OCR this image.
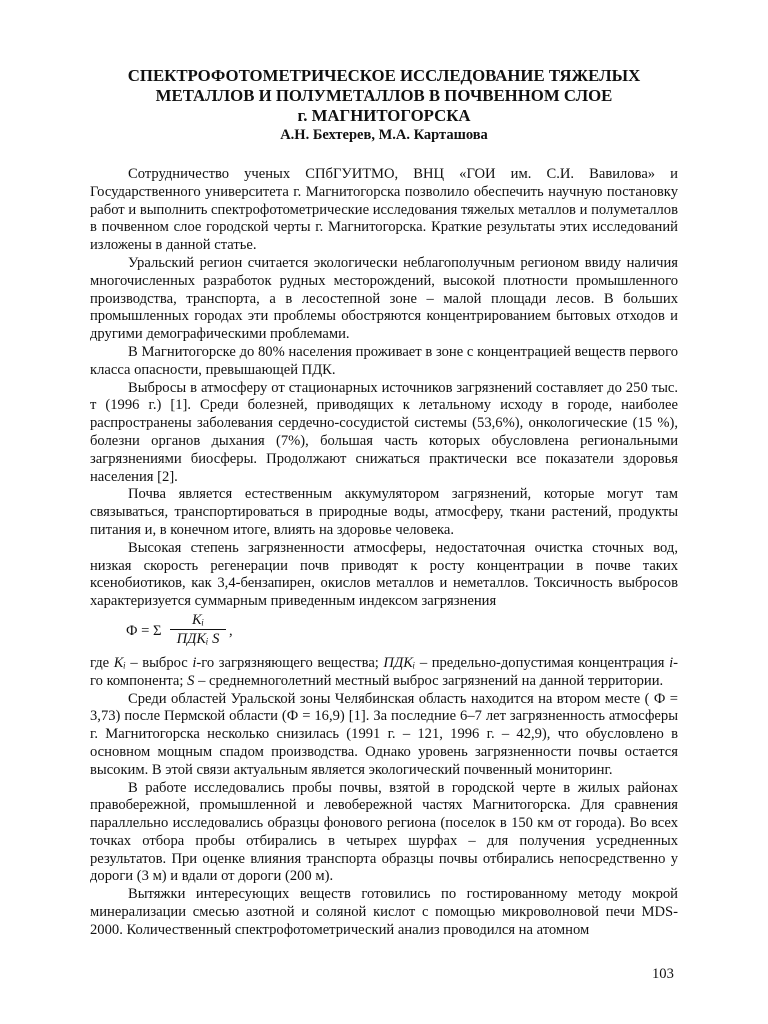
СПЕКТРОФОТОМЕТРИЧЕСКОЕ ИССЛЕДОВАНИЕ ТЯЖЕЛЫХ
МЕТАЛЛОВ И ПОЛУМЕТАЛЛОВ В ПОЧВЕННОМ СЛОЕ
г. МАГНИТОГОРСКА

А.Н. Бехтерев, М.А. Карташова

Сотрудничество ученых СПбГУИТМО, ВНЦ «ГОИ им. С.И. Вавилова» и Государственного университета г. Магнитогорска позволило обеспечить научную постановку работ и выполнить спектрофотометрические исследования тяжелых металлов и полуметаллов в почвенном слое городской черты г. Магнитогорска. Краткие результаты этих исследований изложены в данной статье.

Уральский регион считается экологически неблагополучным регионом ввиду наличия многочисленных разработок рудных месторождений, высокой плотности промышленного производства, транспорта, а в лесостепной зоне – малой площади лесов. В больших промышленных городах эти проблемы обостряются концентрированием бытовых отходов и другими демографическими проблемами.

В Магнитогорске до 80% населения проживает в зоне с концентрацией веществ первого класса опасности, превышающей ПДК.

Выбросы в атмосферу от стационарных источников загрязнений составляет до 250 тыс. т (1996 г.) [1]. Среди болезней, приводящих к летальному исходу в городе, наиболее распространены заболевания сердечно-сосудистой системы (53,6%), онкологические (15 %), болезни органов дыхания (7%), большая часть которых обусловлена региональными загрязнениями биосферы. Продолжают снижаться практически все показатели здоровья населения [2].

Почва является естественным аккумулятором загрязнений, которые могут там связываться, транспортироваться в природные воды, атмосферу, ткани растений, продукты питания и, в конечном итоге, влиять на здоровье человека.

Высокая степень загрязненности атмосферы, недостаточная очистка сточных вод, низкая скорость регенерации почв приводят к росту концентрации в почве таких ксенобиотиков, как 3,4-бензапирен, окислов металлов и неметаллов. Токсичность выбросов характеризуется суммарным приведенным индексом загрязнения

Ф = Σ
Kᵢ
ПДКᵢ S ,

где Kᵢ – выброс i-го загрязняющего вещества; ПДКᵢ – предельно-допустимая концентрация i-го компонента; S – среднемноголетний местный выброс загрязнений на данной территории.

Среди областей Уральской зоны Челябинская область находится на втором месте ( Ф = 3,73) после Пермской области (Ф = 16,9) [1]. За последние 6–7 лет загрязненность атмосферы г. Магнитогорска несколько снизилась (1991 г. – 121, 1996 г. – 42,9), что обусловлено в основном мощным спадом производства. Однако уровень загрязненности почвы остается высоким. В этой связи актуальным является экологический почвенный мониторинг.

В работе исследовались пробы почвы, взятой в городской черте в жилых районах правобережной, промышленной и левобережной частях Магнитогорска. Для сравнения параллельно исследовались образцы фонового региона (поселок в 150 км от города). Во всех точках отбора пробы отбирались в четырех шурфах – для получения усредненных результатов. При оценке влияния транспорта образцы почвы отбирались непосредственно у дороги (3 м) и вдали от дороги (200 м).

Вытяжки интересующих веществ готовились по гостированному методу мокрой минерализации смесью азотной и соляной кислот с помощью микроволновой печи MDS-2000. Количественный спектрофотометрический анализ проводился на атомном

103
